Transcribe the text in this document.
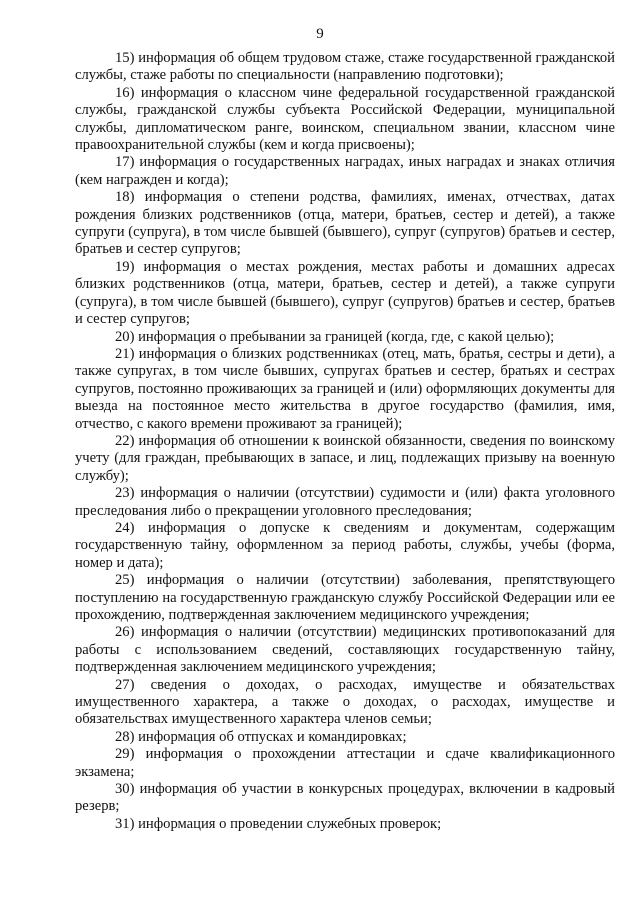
9

15) информация об общем трудовом стаже, стаже государственной гражданской службы, стаже работы по специальности (направлению подготовки);

16) информация о классном чине федеральной государственной гражданской службы, гражданской службы субъекта Российской Федерации, муниципальной службы, дипломатическом ранге, воинском, специальном звании, классном чине правоохранительной службы (кем и когда присвоены);

17) информация о государственных наградах, иных наградах и знаках отличия (кем награжден и когда);

18) информация о степени родства, фамилиях, именах, отчествах, датах рождения близких родственников (отца, матери, братьев, сестер и детей), а также супруги (супруга), в том числе бывшей (бывшего), супруг (супругов) братьев и сестер, братьев и сестер супругов;

19) информация о местах рождения, местах работы и домашних адресах близких родственников (отца, матери, братьев, сестер и детей), а также супруги (супруга), в том числе бывшей (бывшего), супруг (супругов) братьев и сестер, братьев и сестер супругов;

20) информация о пребывании за границей (когда, где, с какой целью);

21) информация о близких родственниках (отец, мать, братья, сестры и дети), а также супругах, в том числе бывших, супругах братьев и сестер, братьях и сестрах супругов, постоянно проживающих за границей и (или) оформляющих документы для выезда на постоянное место жительства в другое государство (фамилия, имя, отчество, с какого времени проживают за границей);

22) информация об отношении к воинской обязанности, сведения по воинскому учету (для граждан, пребывающих в запасе, и лиц, подлежащих призыву на военную службу);

23) информация о наличии (отсутствии) судимости и (или) факта уголовного преследования либо о прекращении уголовного преследования;

24) информация о допуске к сведениям и документам, содержащим государственную тайну, оформленном за период работы, службы, учебы (форма, номер и дата);

25) информация о наличии (отсутствии) заболевания, препятствующего поступлению на государственную гражданскую службу Российской Федерации или ее прохождению, подтвержденная заключением медицинского учреждения;

26) информация о наличии (отсутствии) медицинских противопоказаний для работы с использованием сведений, составляющих государственную тайну, подтвержденная заключением медицинского учреждения;

27) сведения о доходах, о расходах, имуществе и обязательствах имущественного характера, а также о доходах, о расходах, имуществе и обязательствах имущественного характера членов семьи;

28) информация об отпусках и командировках;

29) информация о прохождении аттестации и сдаче квалификационного экзамена;

30) информация об участии в конкурсных процедурах, включении в кадровый резерв;

31) информация о проведении служебных проверок;
